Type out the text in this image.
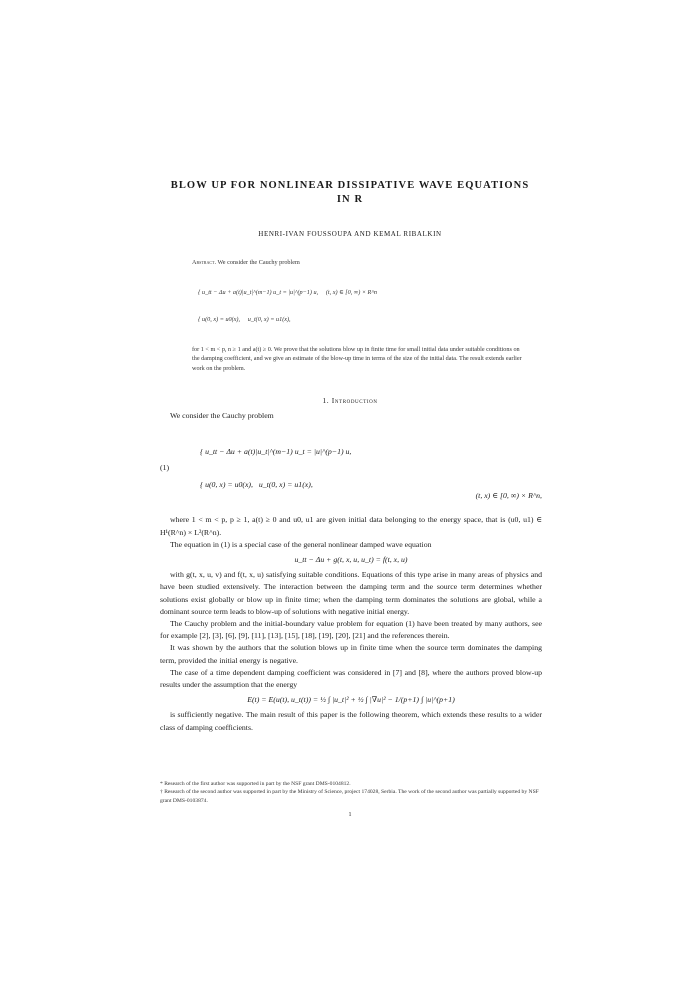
BLOW UP FOR NONLINEAR DISSIPATIVE WAVE EQUATIONS
IN R
HENRI-IVAN FOUSSOUPA AND KEMAL RIBALKIN
Abstract. We consider the Cauchy problem

{ u_tt − Δu + a(t)|u_t|^(m−1) u_t = |u|^(p−1) u,     (t, x) ∈ [0, ∞) × R^n

{ u(0, x) = u0(x),     u_t(0, x) = u1(x),

for 1 < m < p, n ≥ 1 and a(t) ≥ 0. We prove that the solutions blow up in finite time for small initial data under suitable conditions on the damping coefficient, and we give an estimate of the blow-up time in terms of the size of the initial data. The result extends earlier work on the problem.
1. Introduction

We consider the Cauchy problem

(1)

{ u_tt − Δu + a(t)|u_t|^(m−1) u_t = |u|^(p−1) u,

{ u(0, x) = u0(x),   u_t(0, x) = u1(x),

(t, x) ∈ [0, ∞) × R^n,

where 1 < m < p, p ≥ 1, a(t) ≥ 0 and u0, u1 are given initial data belonging to the energy space, that is (u0, u1) ∈ H¹(R^n) × L²(R^n).

The equation in (1) is a special case of the general nonlinear damped wave equation

u_tt − Δu + g(t, x, u, u_t) = f(t, x, u)

with g(t, x, u, v) and f(t, x, u) satisfying suitable conditions. Equations of this type arise in many areas of physics and have been studied extensively. The interaction between the damping term and the source term determines whether solutions exist globally or blow up in finite time; when the damping term dominates the solutions are global, while a dominant source term leads to blow-up of solutions with negative initial energy.

The Cauchy problem and the initial-boundary value problem for equation (1) have been treated by many authors, see for example [2], [3], [6], [9], [11], [13], [15], [18], [19], [20], [21] and the references therein.

It was shown by the authors that the solution blows up in finite time when the source term dominates the damping term, provided the initial energy is negative.

The case of a time dependent damping coefficient was considered in [7] and [8], where the authors proved blow-up results under the assumption that the energy

E(t) = E(u(t), u_t(t)) = ½ ∫ |u_t|² + ½ ∫ |∇u|² − 1/(p+1) ∫ |u|^(p+1)

is sufficiently negative. The main result of this paper is the following theorem, which extends these results to a wider class of damping coefficients.

* Research of the first author was supported in part by the NSF grant DMS-0104812.
† Research of the second author was supported in part by the Ministry of Science, project 174028, Serbia. The work of the second author was partially supported by NSF grant DMS-0103874.
1
